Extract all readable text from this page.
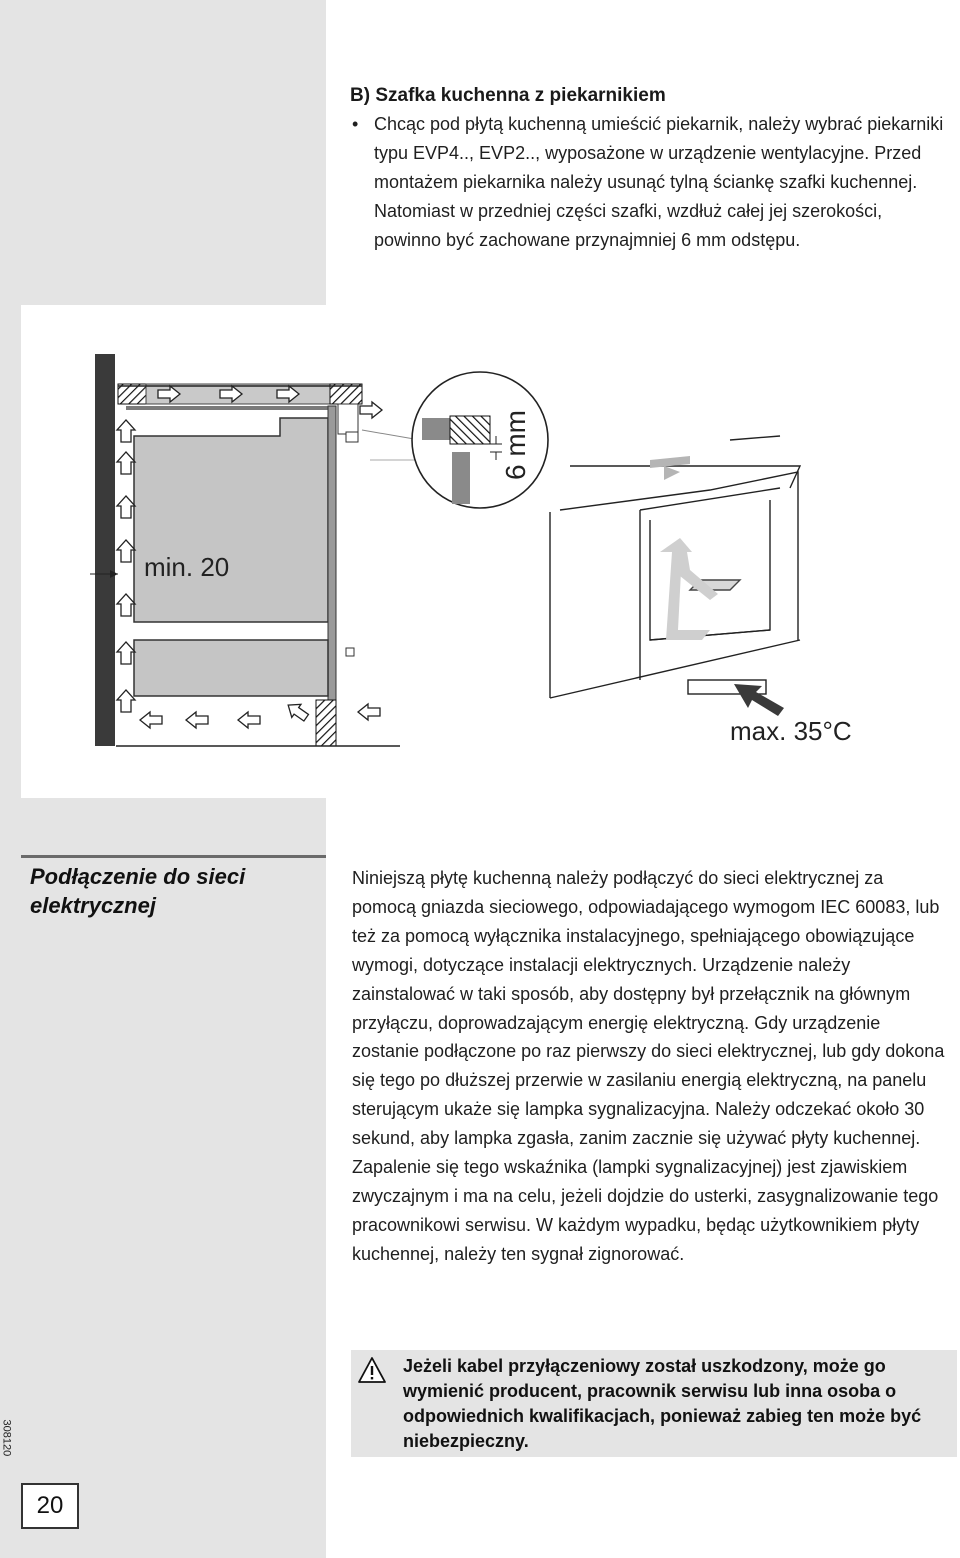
B) Szafka kuchenna z piekarnikiem
• Chcąc pod płytą kuchenną umieścić piekarnik, należy wybrać piekarniki typu EVP4.., EVP2.., wyposażone w urządzenie wentylacyjne. Przed montażem piekarnika należy usunąć tylną ściankę szafki kuchennej. Natomiast w przedniej części szafki, wzdłuż całej jej szerokości, powinno być zachowane przynajmniej 6 mm odstępu.
min. 20
6 mm
max. 35°C
Podłączenie do sieci
elektrycznej
Niniejszą płytę kuchenną należy podłączyć do sieci elektrycznej za pomocą gniazda sieciowego, odpowiadającego wymogom IEC 60083, lub też za pomocą wyłącznika instalacyjnego, spełniającego obowiązujące wymogi, dotyczące instalacji elektrycznych. Urządzenie należy zainstalować w taki sposób, aby dostępny był przełącznik na głównym przyłączu, doprowadzającym energię elektryczną. Gdy urządzenie zostanie podłączone po raz pierwszy do sieci elektrycznej, lub gdy dokona się tego po dłuższej przerwie w zasilaniu energią elektryczną, na panelu sterującym ukaże się lampka sygnalizacyjna. Należy odczekać około 30 sekund, aby lampka zgasła, zanim zacznie się używać płyty kuchennej. Zapalenie się tego wskaźnika (lampki sygnalizacyjnej) jest zjawiskiem zwyczajnym i ma na celu, jeżeli dojdzie do usterki, zasygnalizowanie tego pracownikowi serwisu. W każdym wypadku, będąc użytkownikiem płyty kuchennej, należy ten sygnał zignorować.
Jeżeli kabel przyłączeniowy został uszkodzony, może go wymienić producent, pracownik serwisu lub inna osoba o odpowiednich kwalifikacjach, ponieważ zabieg ten może być niebezpieczny.
308120
20
